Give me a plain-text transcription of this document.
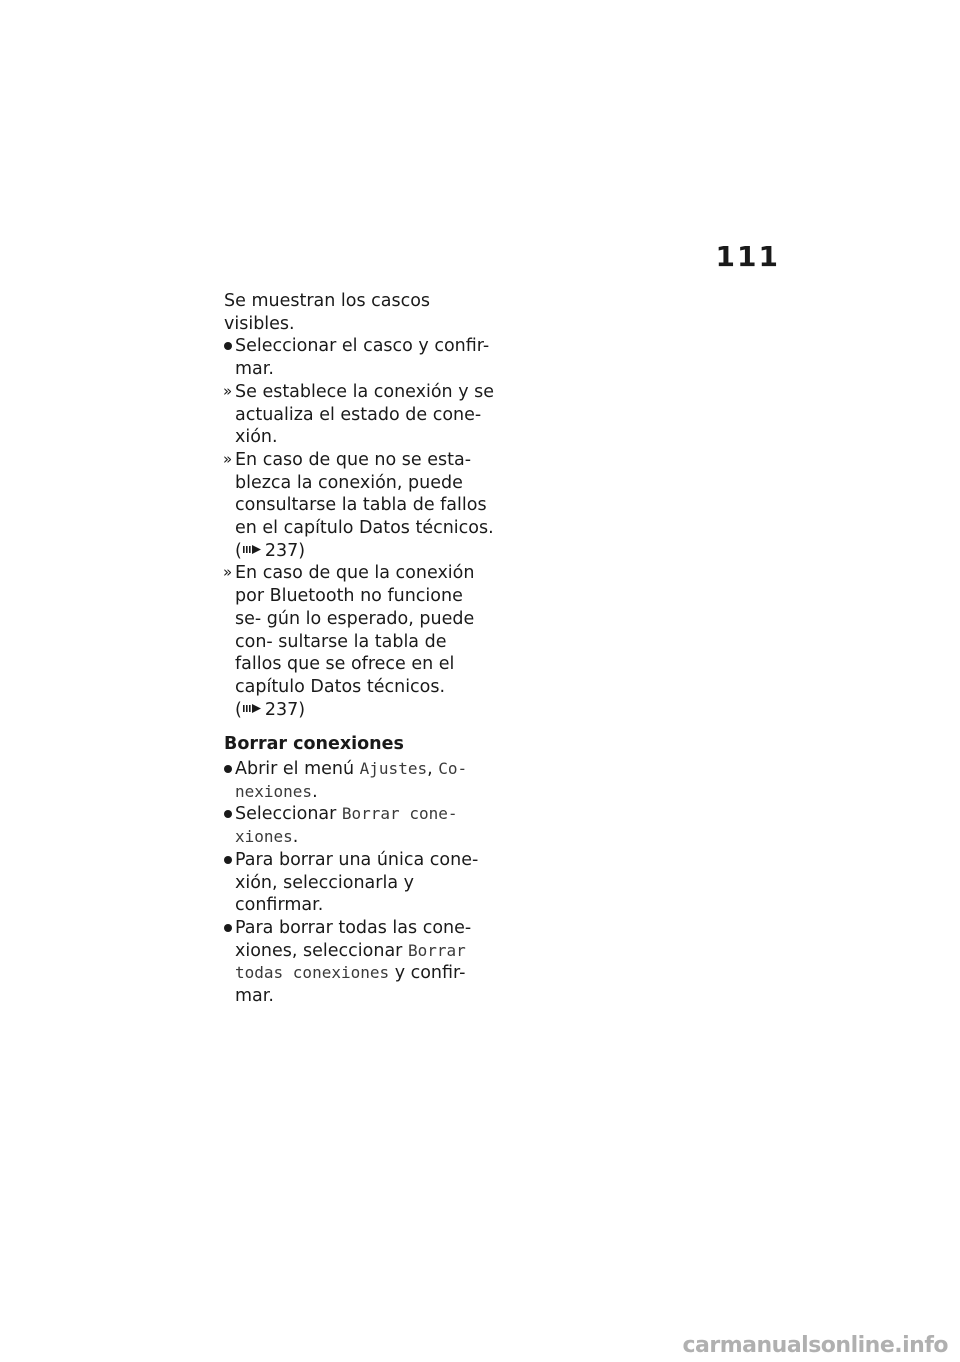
111

Se muestran los cascos visibles.

Seleccionar el casco y confir- mar.

» Se establece la conexión y se actualiza el estado de cone- xión.

» En caso de que no se esta- blezca la conexión, puede consultarse la tabla de fallos en el capítulo Datos técnicos. ( 237)

» En caso de que la conexión por Bluetooth no funcione se- gún lo esperado, puede con- sultarse la tabla de fallos que se ofrece en el capítulo Datos técnicos. ( 237)

Borrar conexiones

Abrir el menú Ajustes, Co- nexiones.

Seleccionar Borrar cone- xiones.

Para borrar una única cone- xión, seleccionarla y confirmar.

Para borrar todas las cone- xiones, seleccionar Borrar todas conexiones y confir- mar.

carmanualsonline.info
